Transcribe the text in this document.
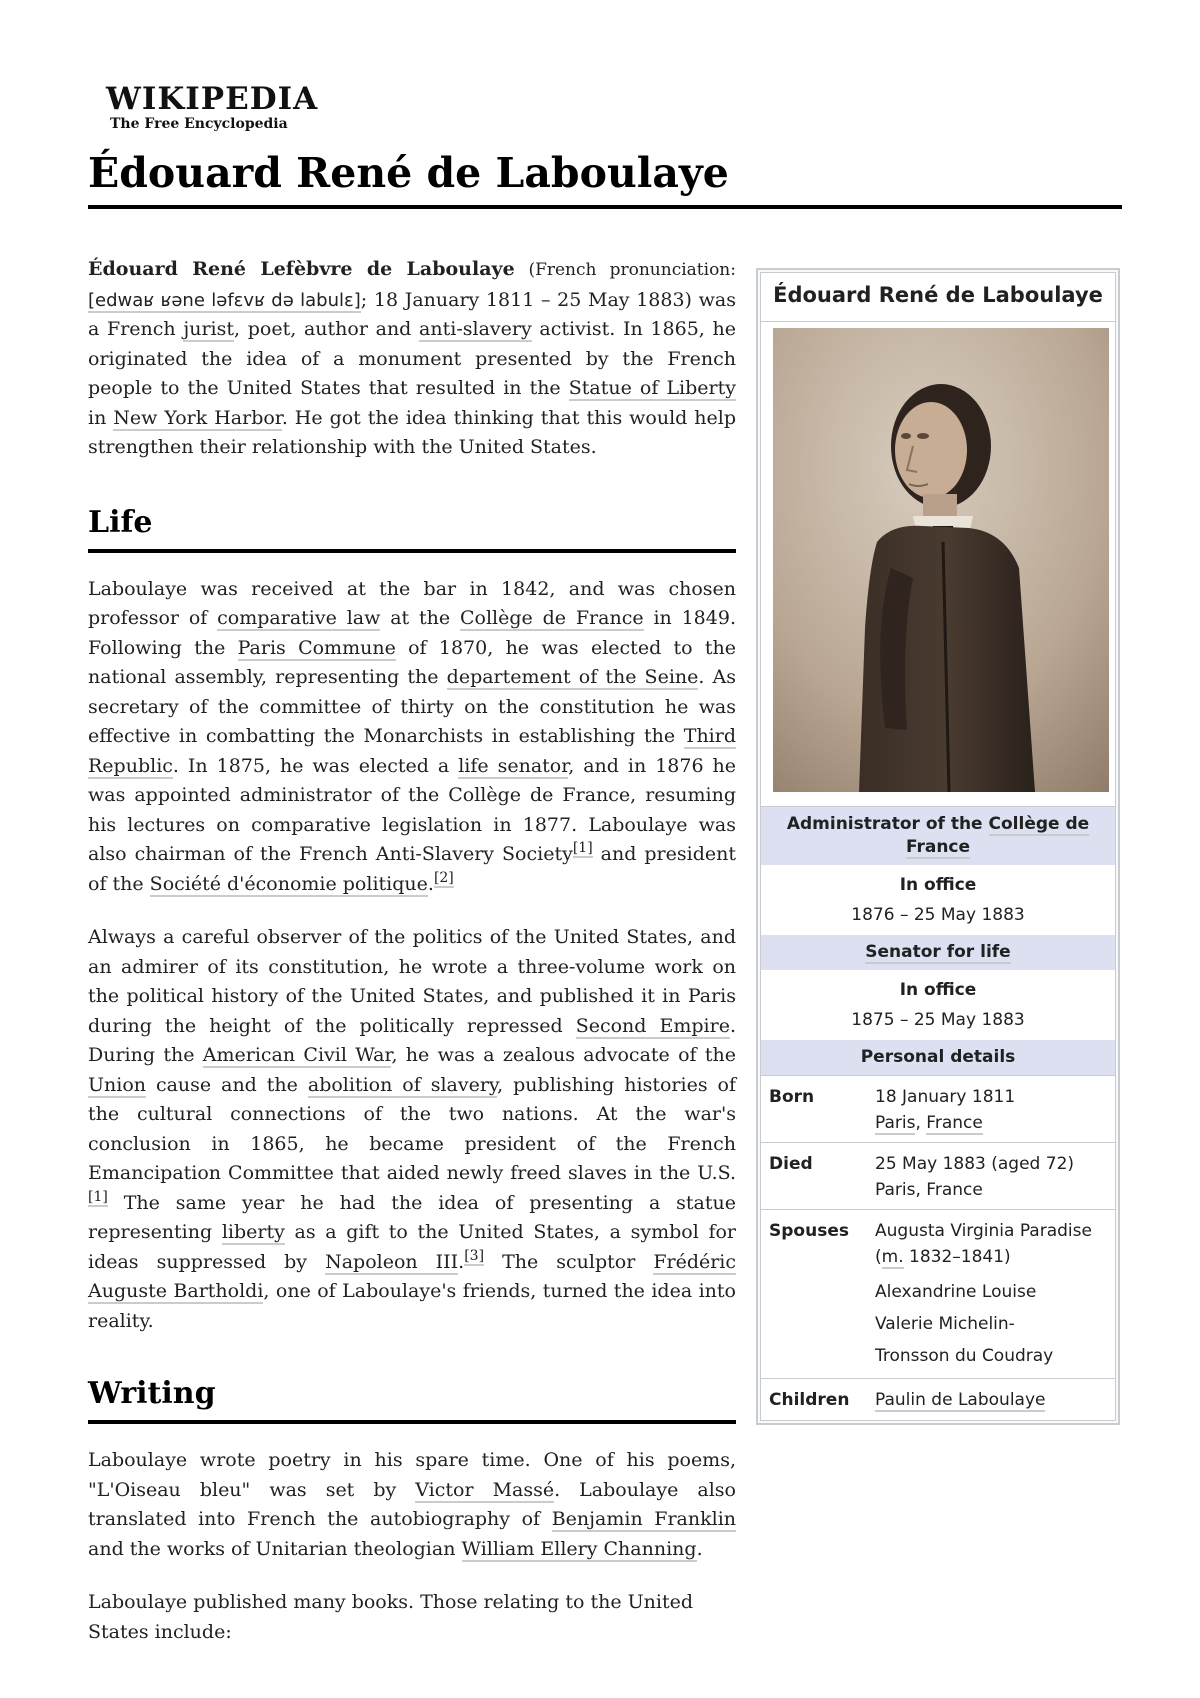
WIKIPEDIA
The Free Encyclopedia
Édouard René de Laboulaye

Édouard René Lefèbvre de Laboulaye (French pronunciation: [edwaʁ ʁəne ləfɛvʁ də labulɛ]; 18 January 1811 – 25 May 1883) was a French jurist, poet, author and anti-slavery activist. In 1865, he originated the idea of a monument presented by the French people to the United States that resulted in the Statue of Liberty in New York Harbor. He got the idea thinking that this would help strengthen their relationship with the United States.

Life

Laboulaye was received at the bar in 1842, and was chosen professor of comparative law at the Collège de France in 1849. Following the Paris Commune of 1870, he was elected to the national assembly, representing the departement of the Seine. As secretary of the committee of thirty on the constitution he was effective in combatting the Monarchists in establishing the Third Republic. In 1875, he was elected a life senator, and in 1876 he was appointed administrator of the Collège de France, resuming his lectures on comparative legislation in 1877. Laboulaye was also chairman of the French Anti-Slavery Society[1] and president of the Société d'économie politique.[2]

Always a careful observer of the politics of the United States, and an admirer of its constitution, he wrote a three-volume work on the political history of the United States, and published it in Paris during the height of the politically repressed Second Empire. During the American Civil War, he was a zealous advocate of the Union cause and the abolition of slavery, publishing histories of the cultural connections of the two nations. At the war's conclusion in 1865, he became president of the French Emancipation Committee that aided newly freed slaves in the U.S.[1] The same year he had the idea of presenting a statue representing liberty as a gift to the United States, a symbol for ideas suppressed by Napoleon III.[3] The sculptor Frédéric Auguste Bartholdi, one of Laboulaye's friends, turned the idea into reality.

Writing

Laboulaye wrote poetry in his spare time. One of his poems, "L'Oiseau bleu" was set by Victor Massé. Laboulaye also translated into French the autobiography of Benjamin Franklin and the works of Unitarian theologian William Ellery Channing.

Laboulaye published many books. Those relating to the United States include:

Édouard René de Laboulaye
Administrator of the Collège de France
In office
1876 – 25 May 1883
Senator for life
In office
1875 – 25 May 1883
Personal details
Born	18 January 1811
Paris, France
Died	25 May 1883 (aged 72)
Paris, France
Spouses	Augusta Virginia Paradise
(m. 1832–1841)
Alexandrine Louise
Valerie Michelin-
Tronsson du Coudray
Children	Paulin de Laboulaye
